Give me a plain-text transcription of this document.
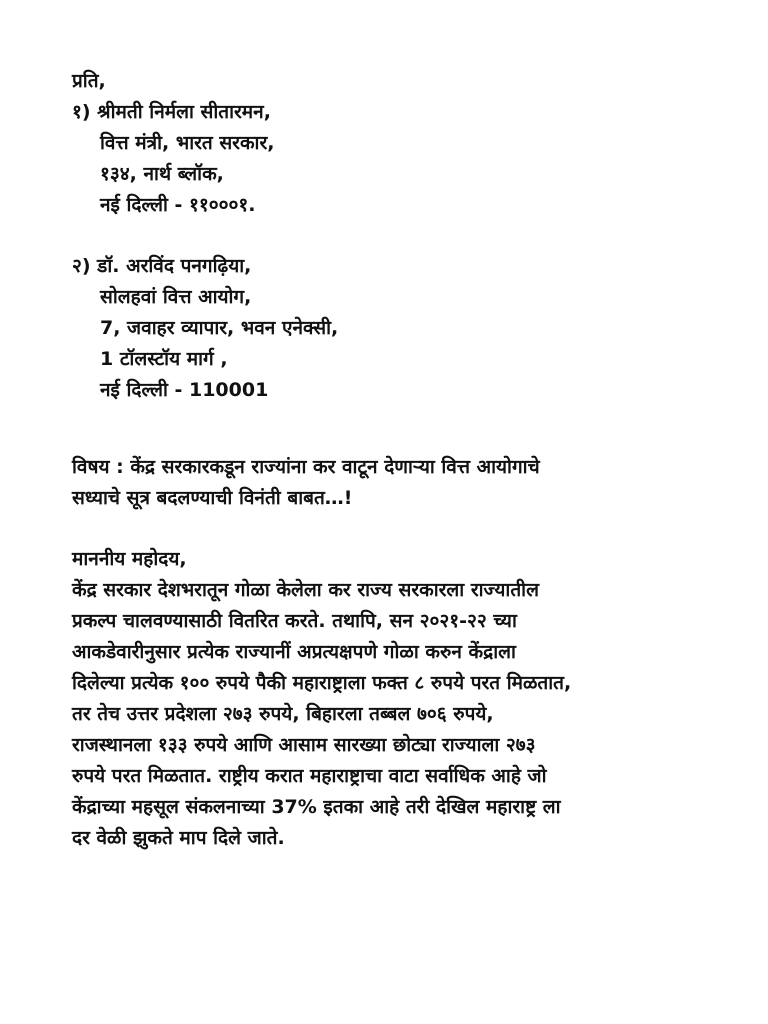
प्रति,
१) श्रीमती निर्मला सीतारमन,
वित्त मंत्री, भारत सरकार,
१३४, नार्थ ब्लॉक,
नई दिल्ली - ११०००१.
२) डॉ. अरविंद पनगढ़िया,
सोलहवां वित्त आयोग,
7, जवाहर व्यापार, भवन एनेक्सी,
1 टॉलस्टॉय मार्ग ,
नई दिल्ली - 110001
विषय : केंद्र सरकारकडून राज्यांना कर वाटून देणाऱ्या वित्त आयोगाचे
सध्याचे सूत्र बदलण्याची विनंती बाबत…!
माननीय महोदय,
केंद्र सरकार देशभरातून गोळा केलेला कर राज्य सरकारला राज्यातील
प्रकल्प चालवण्यासाठी वितरित करते. तथापि, सन २०२१-२२ च्या
आकडेवारीनुसार प्रत्येक राज्यानीं अप्रत्यक्षपणे गोळा करुन केंद्राला
दिलेल्या प्रत्येक १०० रुपये पैकी महाराष्ट्राला फक्त ८ रुपये परत मिळतात,
तर तेच उत्तर प्रदेशला २७३ रुपये, बिहारला तब्बल ७०६ रुपये,
राजस्थानला १३३ रुपये आणि आसाम सारख्या छोट्या राज्याला २७३
रुपये परत मिळतात. राष्ट्रीय करात महाराष्ट्राचा वाटा सर्वाधिक आहे जो
केंद्राच्या महसूल संकलनाच्या 37% इतका आहे तरी देखिल महाराष्ट्र ला
दर वेळी झुकते माप दिले जाते.
